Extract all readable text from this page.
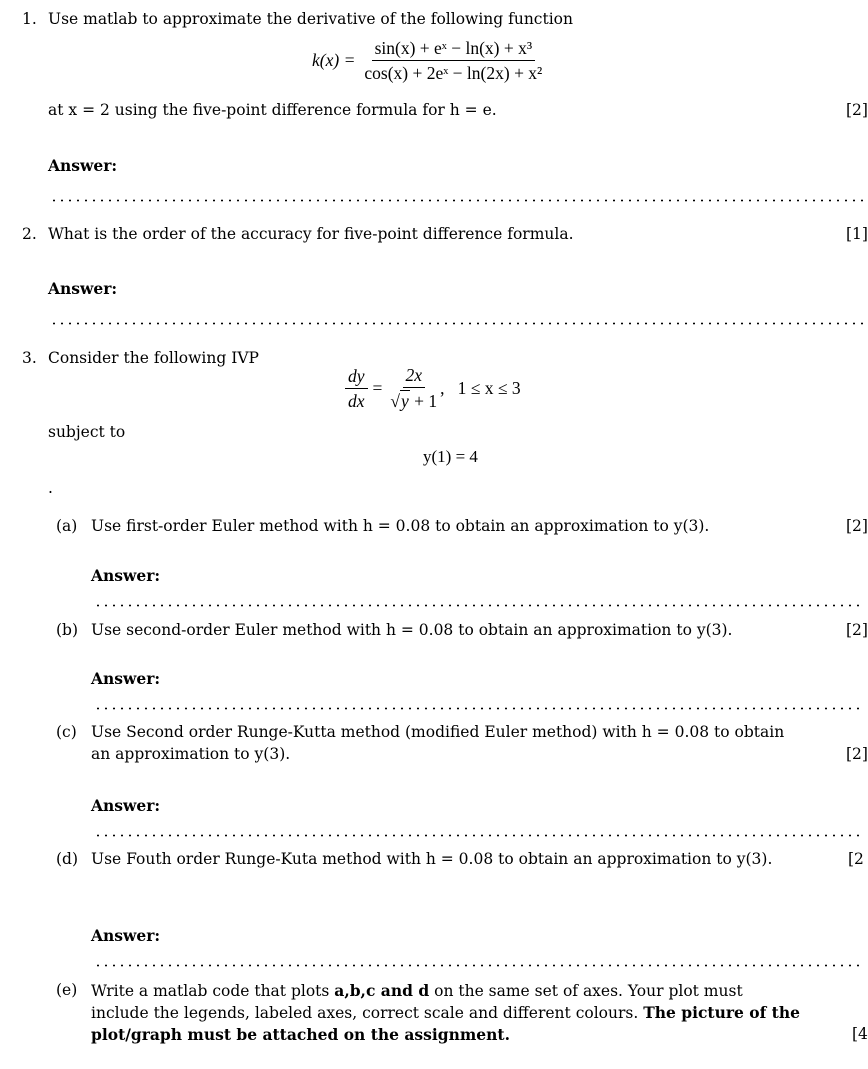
1. Use matlab to approximate the derivative of the following function
$k(x) = \frac{\text{sin(x) + eˣ − ln(x) + x³}}{\text{cos(x) + 2eˣ − ln(2x) + x²}}$
at x = 2 using the five-point difference formula for h = e.	[2]
Answer:
2. What is the order of the accuracy for five-point difference formula.	[1]
Answer:
3. Consider the following IVP
$\frac{dy}{dx} = \frac{2x}{√y + 1}$ ,   1 ≤ x ≤ 3
subject to
y(1) = 4
.
(a) Use first-order Euler method with h = 0.08 to obtain an approximation to y(3).	[2]
Answer:
(b) Use second-order Euler method with h = 0.08 to obtain an approximation to y(3).	[2]
Answer:
(c) Use Second order Runge-Kutta method (modified Euler method) with h = 0.08 to obtain
an approximation to y(3).	[2]
Answer:
(d) Use Fouth order Runge-Kuta method with h = 0.08 to obtain an approximation to y(3).	[2
Answer:
(e) Write a matlab code that plots a,b,c and d on the same set of axes. Your plot must
include the legends, labeled axes, correct scale and different colours. The picture of the
plot/graph must be attached on the assignment.	[4
